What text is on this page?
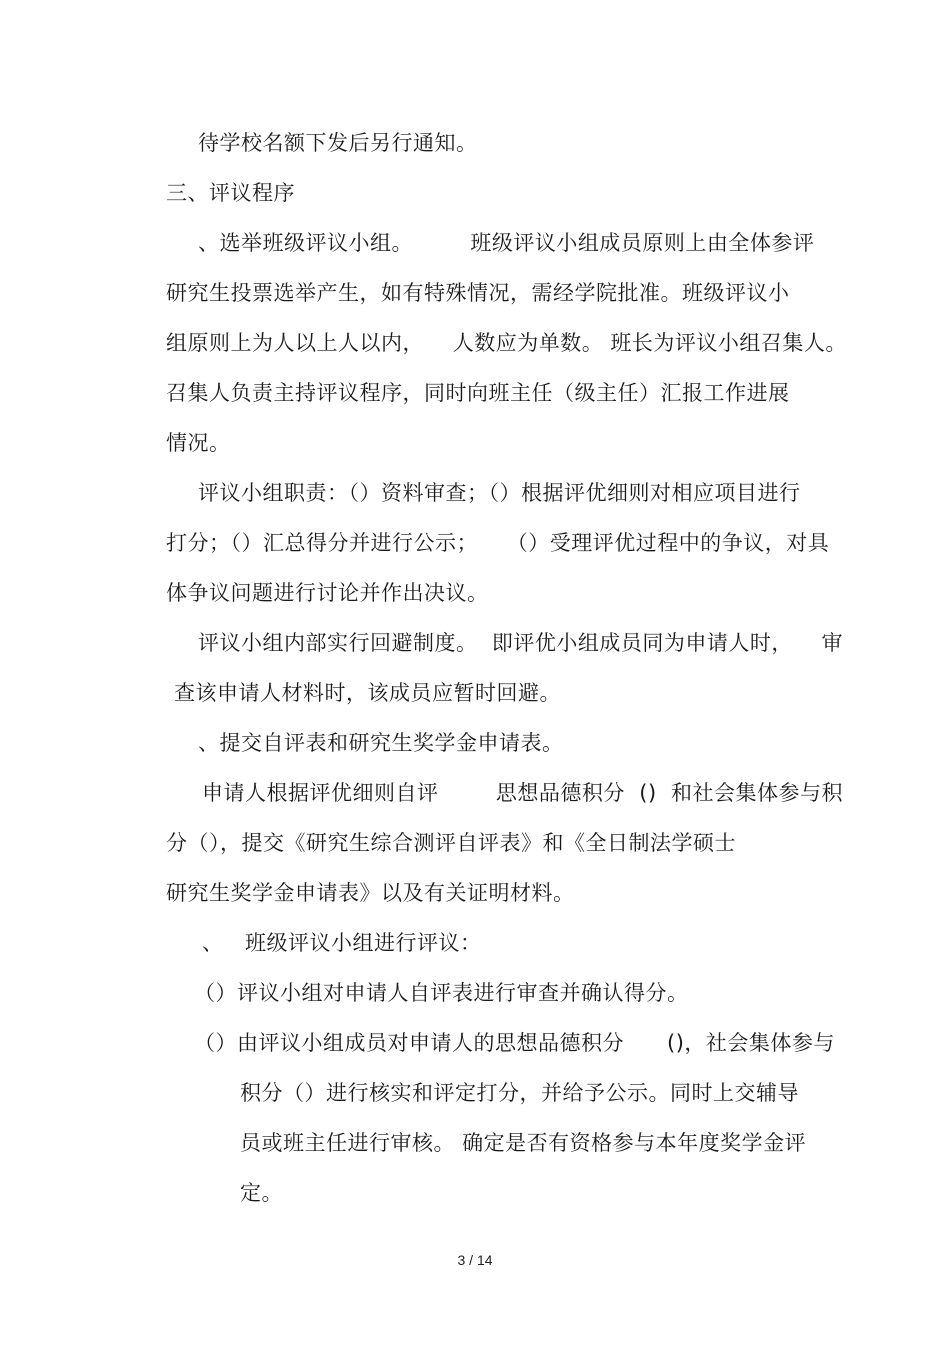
待学校名额下发后另行通知。
三、评议程序
、选举班级评议小组。        班级评议小组成员原则上由全体参评
研究生投票选举产生，如有特殊情况，需经学院批准。班级评议小
组原则上为人以上人以内，    人数应为单数。 班长为评议小组召集人。
召集人负责主持评议程序，同时向班主任（级主任）汇报工作进展
情况。
评议小组职责：（）资料审查；（）根据评优细则对相应项目进行
打分；（）汇总得分并进行公示；    （）受理评优过程中的争议，对具
体争议问题进行讨论并作出决议。
评议小组内部实行回避制度。  即评优小组成员同为申请人时，    审
查该申请人材料时，该成员应暂时回避。
、提交自评表和研究生奖学金申请表。
申请人根据评优细则自评        思想品德积分  ()  和社会集体参与积
分（），提交《研究生综合测评自评表》和《全日制法学硕士
研究生奖学金申请表》以及有关证明材料。
、   班级评议小组进行评议：
（）评议小组对申请人自评表进行审查并确认得分。
（）由评议小组成员对申请人的思想品德积分      ()，社会集体参与
积分（）进行核实和评定打分，并给予公示。同时上交辅导
员或班主任进行审核。 确定是否有资格参与本年度奖学金评
定。
3 / 14
